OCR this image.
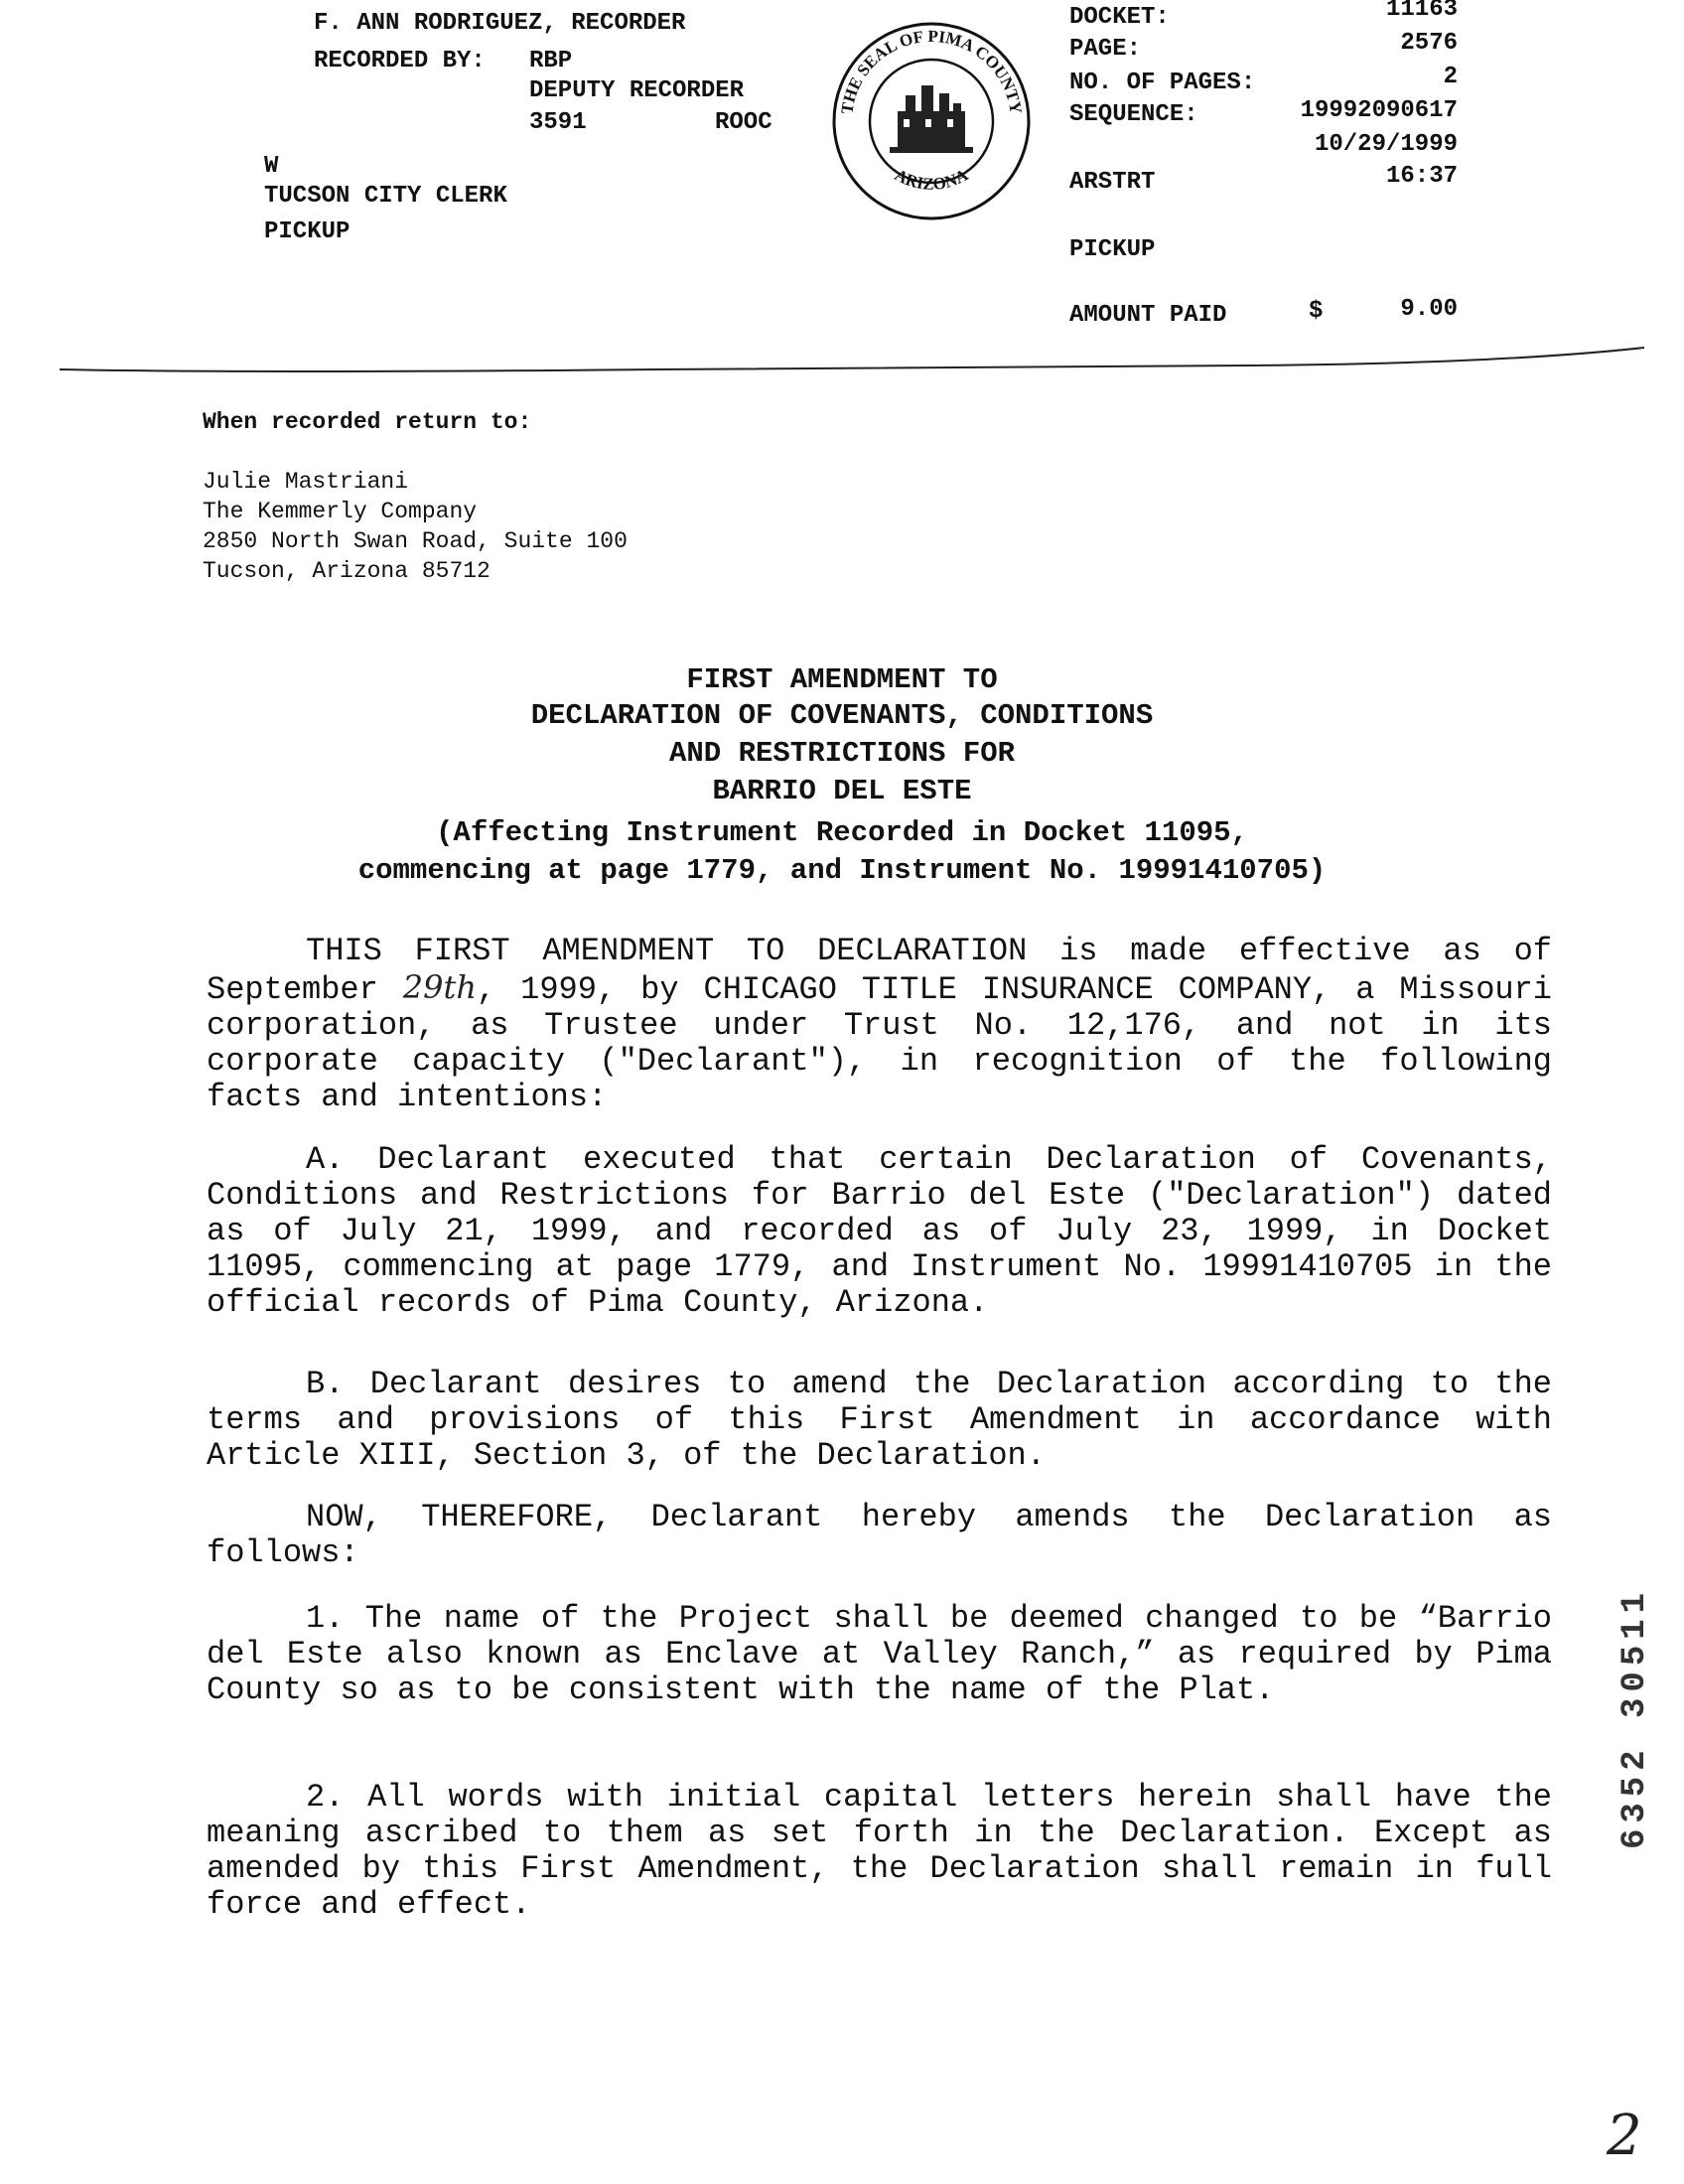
F. ANN RODRIGUEZ, RECORDER
RECORDED BY: RBP
DEPUTY RECORDER
3591	ROOC
W
TUCSON CITY CLERK
PICKUP
THE SEAL OF PIMA COUNTY
ARIZONA
DOCKET:	11163
PAGE:	2576
NO. OF PAGES:	2
SEQUENCE:	19992090617
10/29/1999
ARSTRT	16:37
PICKUP
AMOUNT PAID	$	9.00
When recorded return to:
Julie Mastriani
The Kemmerly Company
2850 North Swan Road, Suite 100
Tucson, Arizona 85712
FIRST AMENDMENT TO
DECLARATION OF COVENANTS, CONDITIONS
AND RESTRICTIONS FOR
BARRIO DEL ESTE
(Affecting Instrument Recorded in Docket 11095,
commencing at page 1779, and Instrument No. 19991410705)
THIS FIRST AMENDMENT TO DECLARATION is made effective as of September 29th, 1999, by CHICAGO TITLE INSURANCE COMPANY, a Missouri corporation, as Trustee under Trust No. 12,176, and not in its corporate capacity ("Declarant"), in recognition of the following facts and intentions:
A. Declarant executed that certain Declaration of Covenants, Conditions and Restrictions for Barrio del Este ("Declaration") dated as of July 21, 1999, and recorded as of July 23, 1999, in Docket 11095, commencing at page 1779, and Instrument No. 19991410705 in the official records of Pima County, Arizona.
B. Declarant desires to amend the Declaration according to the terms and provisions of this First Amendment in accordance with Article XIII, Section 3, of the Declaration.
NOW, THEREFORE, Declarant hereby amends the Declaration as follows:
1. The name of the Project shall be deemed changed to be “Barrio del Este also known as Enclave at Valley Ranch,” as required by Pima County so as to be consistent with the name of the Plat.
2. All words with initial capital letters herein shall have the meaning ascribed to them as set forth in the Declaration. Except as amended by this First Amendment, the Declaration shall remain in full force and effect.
6352 30511
2
